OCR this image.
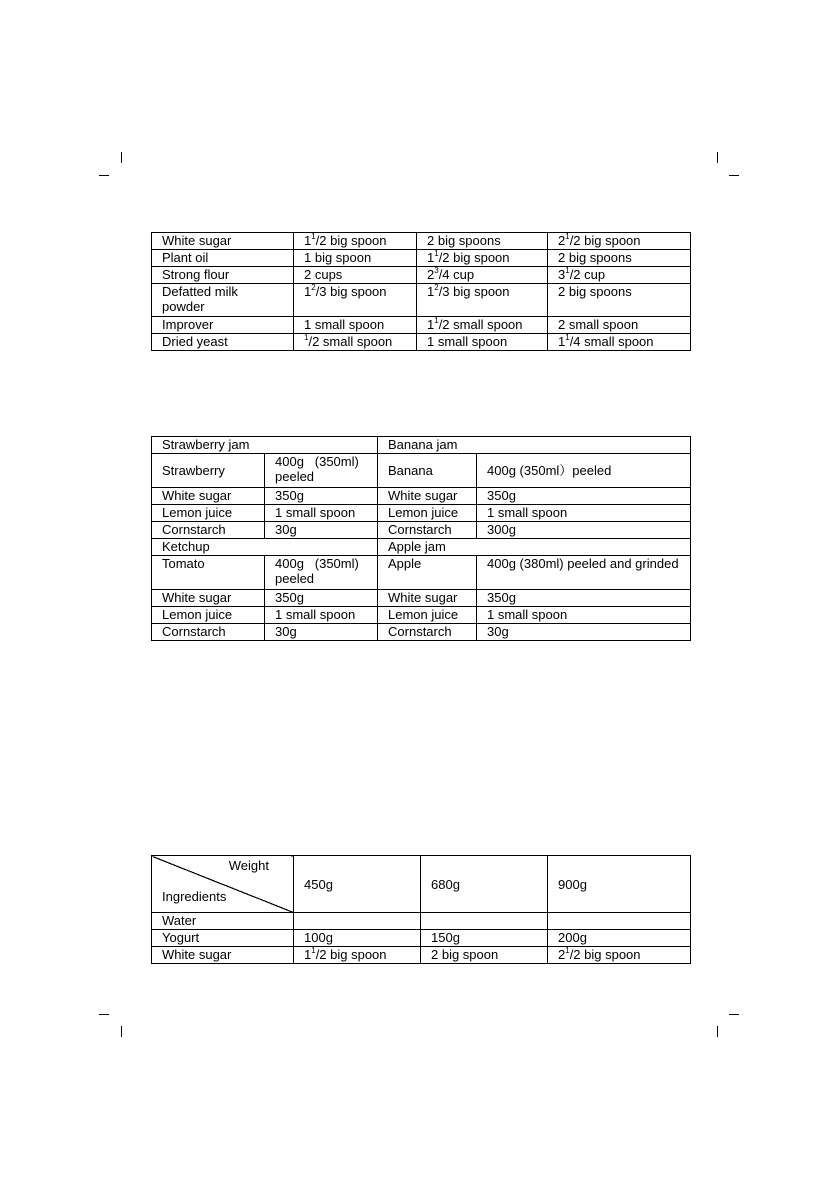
White sugar	$1^1/2$ big spoon	2 big spoons	$2^1/2$ big spoon
Plant oil	1 big spoon	$1^1/2$ big spoon	2 big spoons
Strong flour	2 cups	$2^3/4$ cup	$3^1/2$ cup
Defatted milk powder	$1^2/3$ big spoon	$1^2/3$ big spoon	2 big spoons
Improver	1 small spoon	$1^1/2$ small spoon	2 small spoon
Dried yeast	$^1$/2 small spoon	1 small spoon	$1^1/4$ small spoon
Strawberry jam		Banana jam	
Strawberry	400g   (350ml) peeled	Banana	400g (350ml）peeled
White sugar	350g	White sugar	350g
Lemon juice	1 small spoon	Lemon juice	1 small spoon
Cornstarch	30g	Cornstarch	300g
Ketchup		Apple jam	
Tomato	400g   (350ml) peeled	Apple	400g (380ml) peeled and grinded
White sugar	350g	White sugar	350g
Lemon juice	1 small spoon	Lemon juice	1 small spoon
Cornstarch	30g	Cornstarch	30g
Weight
Ingredients	450g	680g	900g
Water			
Yogurt	100g	150g	200g
White sugar	$1^1/2$ big spoon	2 big spoon	$2^1/2$ big spoon
